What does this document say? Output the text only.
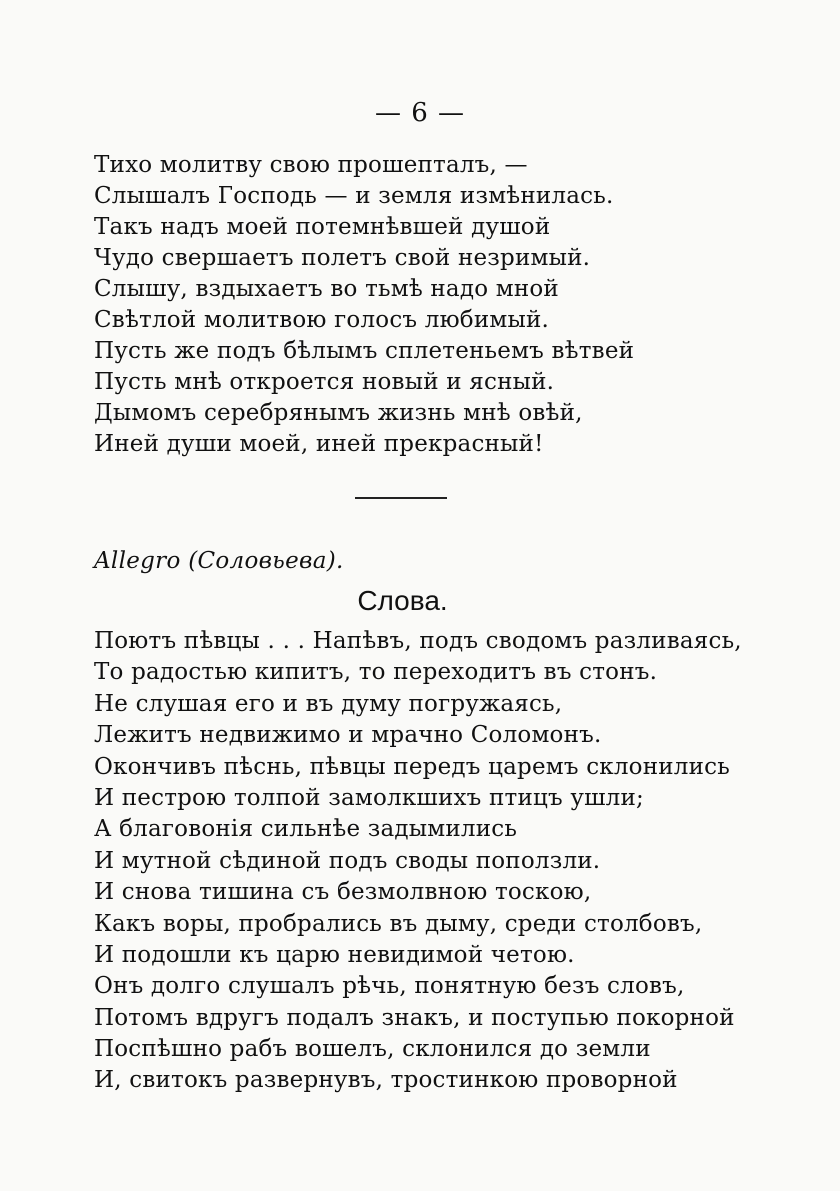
— 6 —
Тихо молитву свою прошепталъ, —
Слышалъ Господь — и земля измѣнилась.
Такъ надъ моей потемнѣвшей душой
Чудо свершаетъ полетъ свой незримый.
Слышу, вздыхаетъ во тьмѣ надо мной
Свѣтлой молитвою голосъ любимый.
Пусть же подъ бѣлымъ сплетеньемъ вѣтвей
Пусть мнѣ откроется новый и ясный.
Дымомъ серебрянымъ жизнь мнѣ овѣй,
Иней души моей, иней прекрасный!
Allegro (Соловьева).
Слова.
Поютъ пѣвцы . . . Напѣвъ, подъ сводомъ разливаясь,
То радостью кипитъ, то переходитъ въ стонъ.
Не слушая его и въ думу погружаясь,
Лежитъ недвижимо и мрачно Соломонъ.
Окончивъ пѣснь, пѣвцы передъ царемъ склонились
И пестрою толпой замолкшихъ птицъ ушли;
А благовонія сильнѣе задымились
И мутной сѣдиной подъ своды поползли.
И снова тишина съ безмолвною тоскою,
Какъ воры, пробрались въ дыму, среди столбовъ,
И подошли къ царю невидимой четою.
Онъ долго слушалъ рѣчь, понятную безъ словъ,
Потомъ вдругъ подалъ знакъ, и поступью покорной
Поспѣшно рабъ вошелъ, склонился до земли
И, свитокъ развернувъ, тростинкою проворной
